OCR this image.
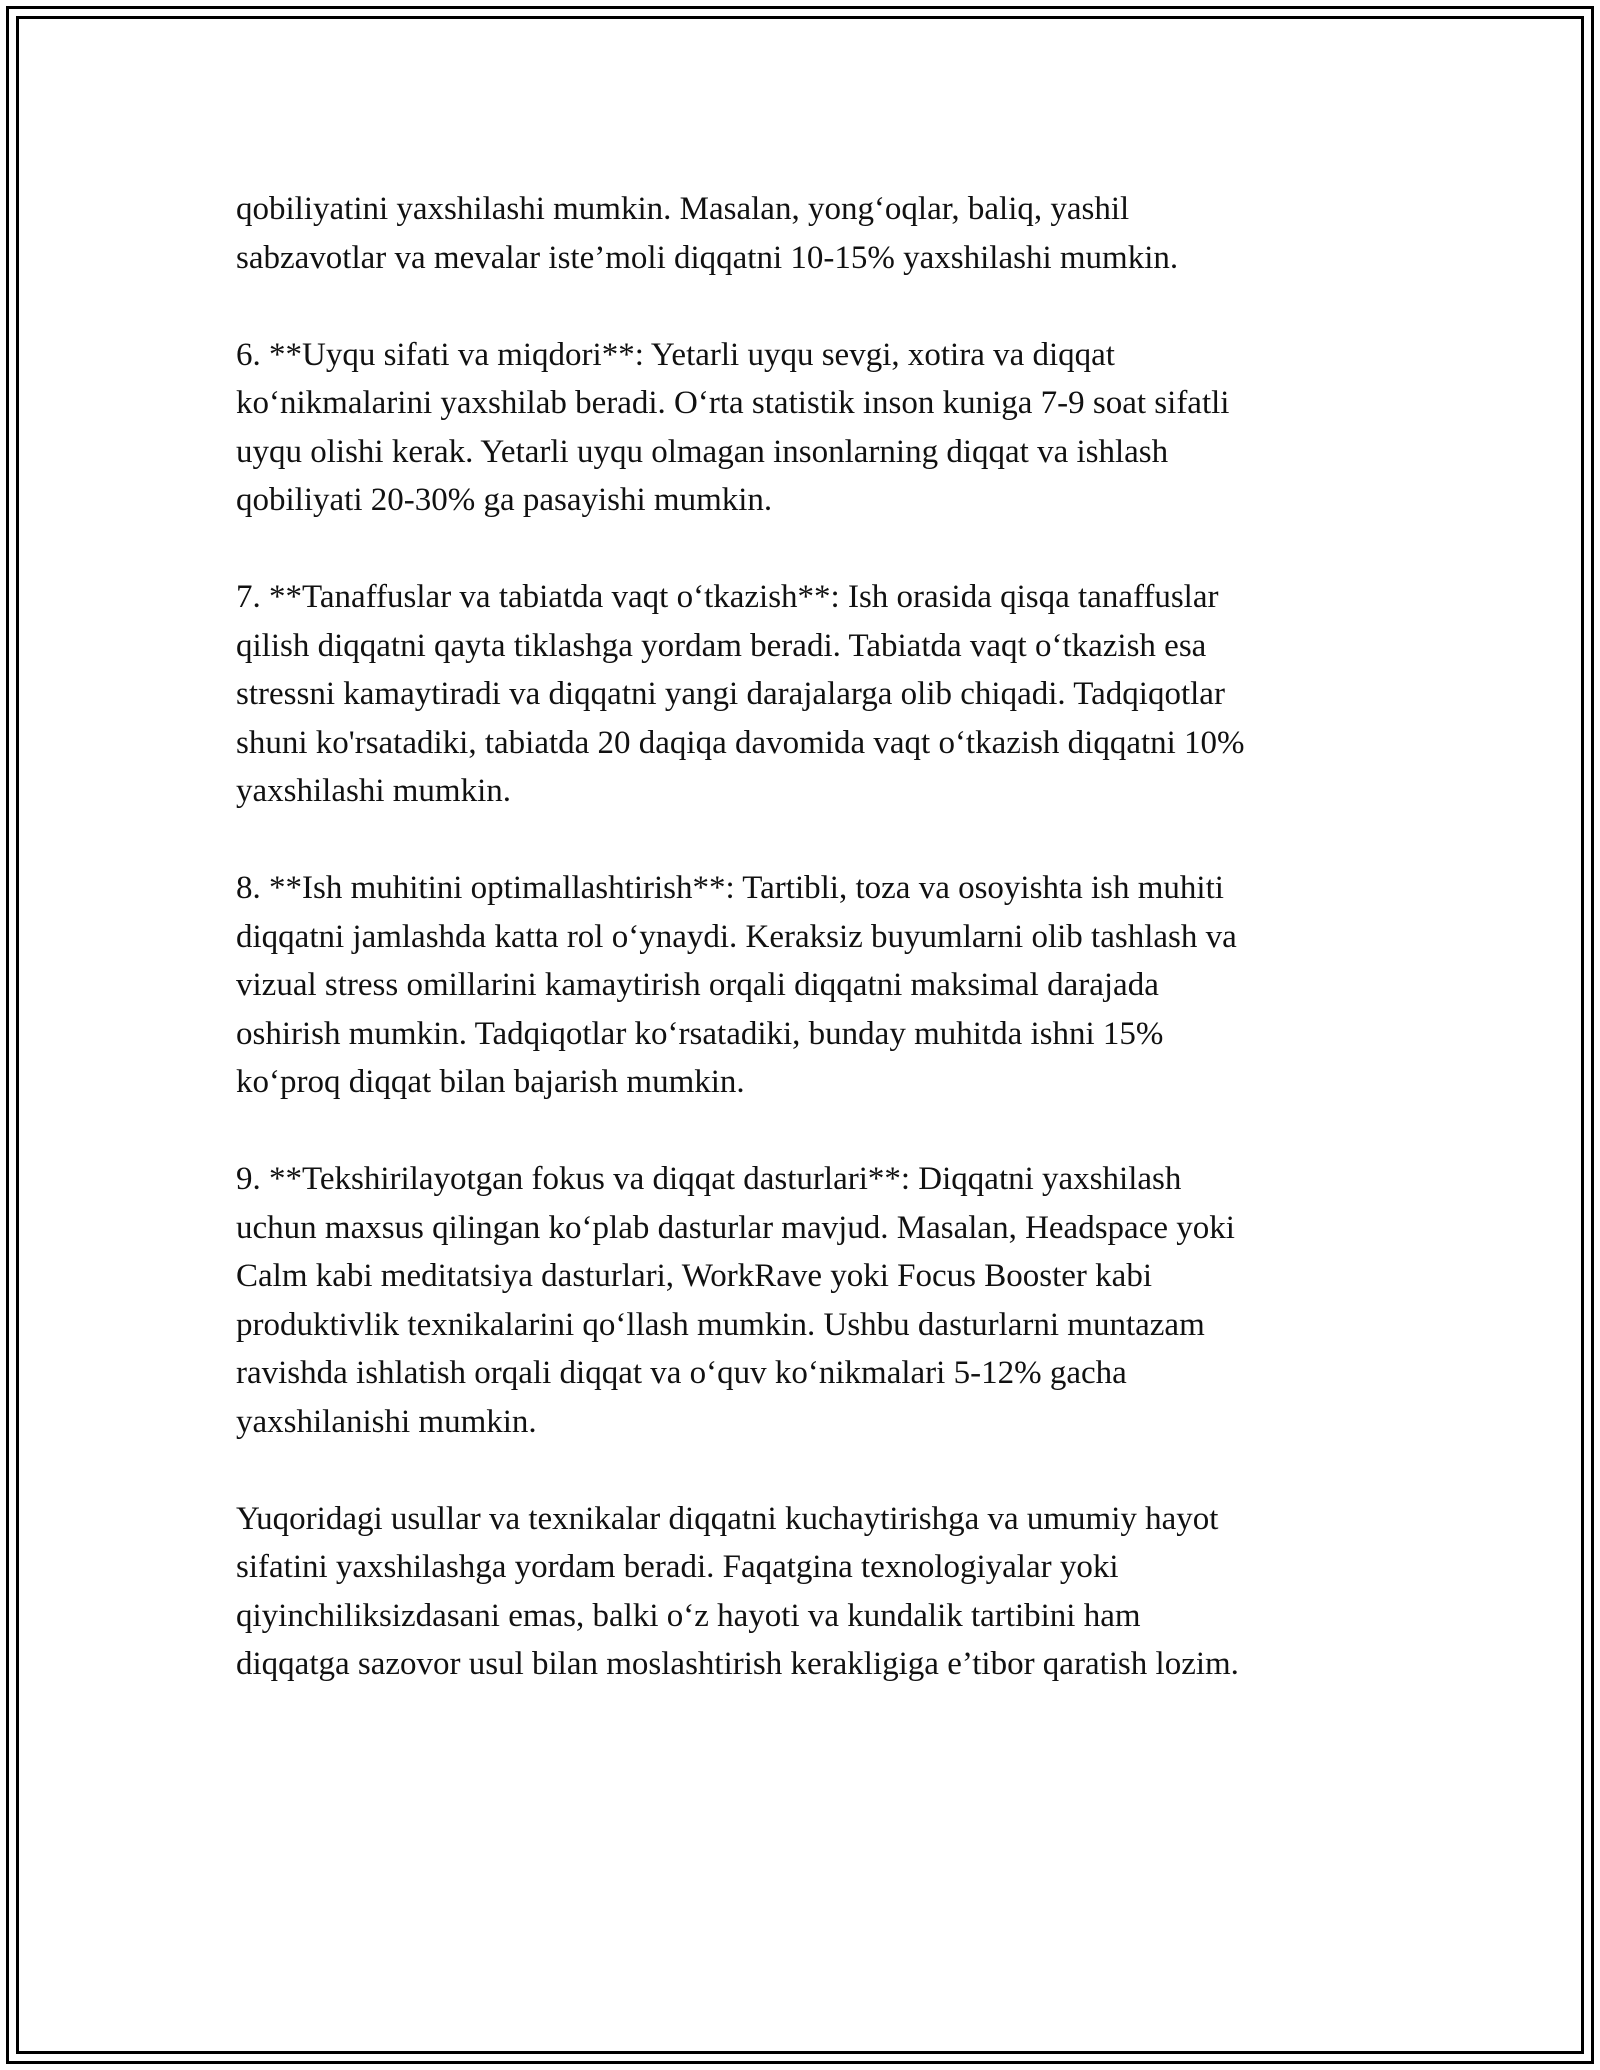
qobiliyatini yaxshilashi mumkin. Masalan, yong‘oqlar, baliq, yashil
sabzavotlar va mevalar iste’moli diqqatni 10-15% yaxshilashi mumkin.
6. **Uyqu sifati va miqdori**: Yetarli uyqu sevgi, xotira va diqqat
ko‘nikmalarini yaxshilab beradi. O‘rta statistik inson kuniga 7-9 soat sifatli
uyqu olishi kerak. Yetarli uyqu olmagan insonlarning diqqat va ishlash
qobiliyati 20-30% ga pasayishi mumkin.
7. **Tanaffuslar va tabiatda vaqt o‘tkazish**: Ish orasida qisqa tanaffuslar
qilish diqqatni qayta tiklashga yordam beradi. Tabiatda vaqt o‘tkazish esa
stressni kamaytiradi va diqqatni yangi darajalarga olib chiqadi. Tadqiqotlar
shuni ko'rsatadiki, tabiatda 20 daqiqa davomida vaqt o‘tkazish diqqatni 10%
yaxshilashi mumkin.
8. **Ish muhitini optimallashtirish**: Tartibli, toza va osoyishta ish muhiti
diqqatni jamlashda katta rol o‘ynaydi. Keraksiz buyumlarni olib tashlash va
vizual stress omillarini kamaytirish orqali diqqatni maksimal darajada
oshirish mumkin. Tadqiqotlar ko‘rsatadiki, bunday muhitda ishni 15%
ko‘proq diqqat bilan bajarish mumkin.
9. **Tekshirilayotgan fokus va diqqat dasturlari**: Diqqatni yaxshilash
uchun maxsus qilingan ko‘plab dasturlar mavjud. Masalan, Headspace yoki
Calm kabi meditatsiya dasturlari, WorkRave yoki Focus Booster kabi
produktivlik texnikalarini qo‘llash mumkin. Ushbu dasturlarni muntazam
ravishda ishlatish orqali diqqat va o‘quv ko‘nikmalari 5-12% gacha
yaxshilanishi mumkin.
Yuqoridagi usullar va texnikalar diqqatni kuchaytirishga va umumiy hayot
sifatini yaxshilashga yordam beradi. Faqatgina texnologiyalar yoki
qiyinchiliksizdasani emas, balki o‘z hayoti va kundalik tartibini ham
diqqatga sazovor usul bilan moslashtirish kerakligiga e’tibor qaratish lozim.
